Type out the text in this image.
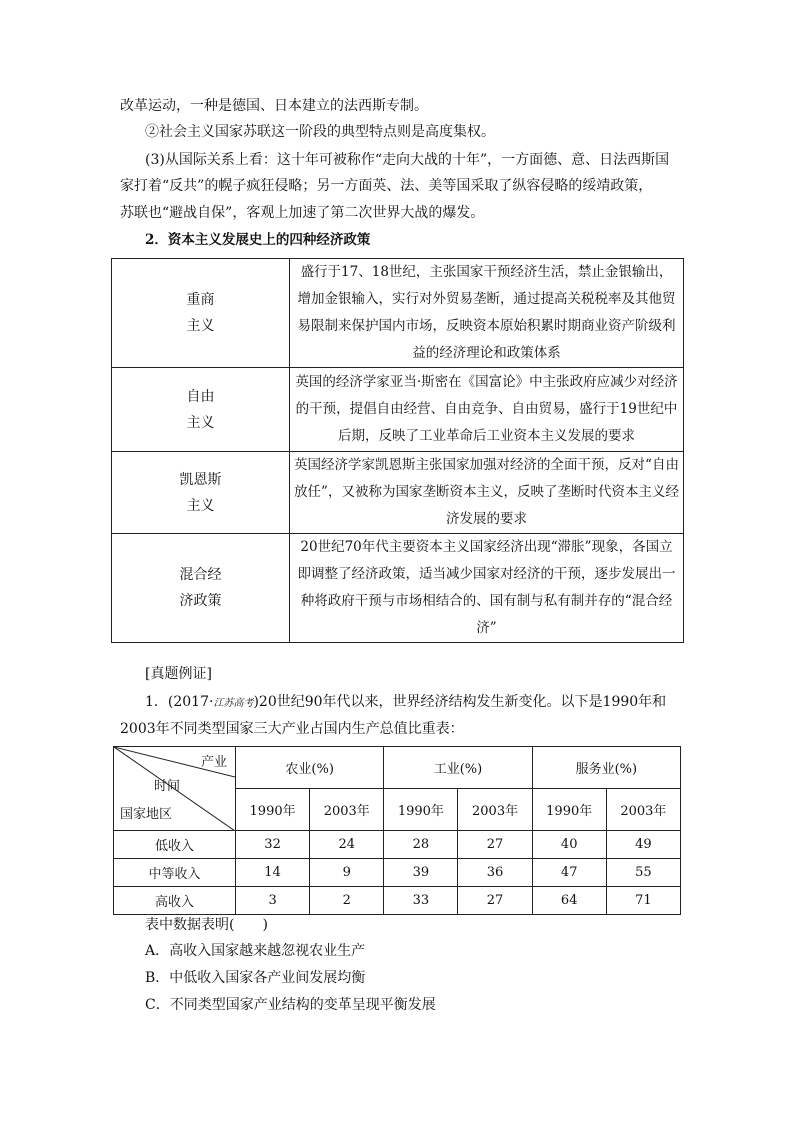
改革运动，一种是德国、日本建立的法西斯专制。
②社会主义国家苏联这一阶段的典型特点则是高度集权。
(3)从国际关系上看：这十年可被称作“走向大战的十年”，一方面德、意、日法西斯国
家打着“反共”的幌子疯狂侵略；另一方面英、法、美等国采取了纵容侵略的绥靖政策，
苏联也“避战自保”，客观上加速了第二次世界大战的爆发。
2．资本主义发展史上的四种经济政策
重商
主义	盛行于17、18世纪，主张国家干预经济生活，禁止金银输出，增加金银输入，实行对外贸易垄断，通过提高关税税率及其他贸易限制来保护国内市场，反映资本原始积累时期商业资产阶级利益的经济理论和政策体系
自由
主义	英国的经济学家亚当·斯密在《国富论》中主张政府应减少对经济的干预，提倡自由经营、自由竞争、自由贸易，盛行于19世纪中后期，反映了工业革命后工业资本主义发展的要求
凯恩斯
主义	英国经济学家凯恩斯主张国家加强对经济的全面干预，反对“自由放任”，又被称为国家垄断资本主义，反映了垄断时代资本主义经济发展的要求
混合经
济政策	20世纪70年代主要资本主义国家经济出现“滞胀”现象，各国立即调整了经济政策，适当减少国家对经济的干预，逐步发展出一种将政府干预与市场相结合的、国有制与私有制并存的“混合经济”
[真题例证]
1．(2017·江苏高考)20世纪90年代以来，世界经济结构发生新变化。以下是1990年和
2003年不同类型国家三大产业占国内生产总值比重表：
产业
时间
国家地区	农业(%)		工业(%)		服务业(%)	
	1990年	2003年	1990年	2003年	1990年	2003年
低收入	32	24	28	27	40	49
中等收入	14	9	39	36	47	55
高收入	3	2	33	27	64	71
表中数据表明(　　)
A．高收入国家越来越忽视农业生产
B．中低收入国家各产业间发展均衡
C．不同类型国家产业结构的变革呈现平衡发展
